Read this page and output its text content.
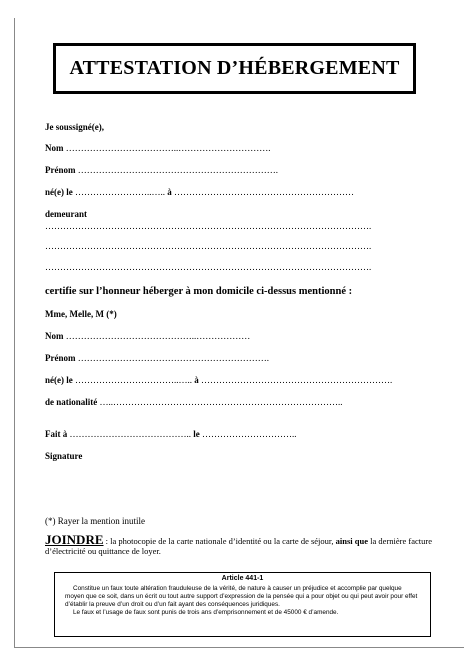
ATTESTATION D’HÉBERGEMENT
Je soussigné(e),
Nom ………………………………..………………………….
Prénom ………………………………………………………….
né(e) le ……………………..….. à ……………………………………………………
demeurant
……………………………………………………………………………………………….
……………………………………………………………………………………………….
……………………………………………………………………………………………….
certifie sur l’honneur héberger à mon domicile ci-dessus mentionné :
Mme, Melle, M (*)
Nom ……………………………………..………………
Prénom ……………………………………………………….
né(e) le ……………………………..….. à ……………………………………………………….
de nationalité …..…………………………………………………………………..
Fait à ………………………………….. le …………………………..
Signature
(*) Rayer la mention inutile
JOINDRE : la photocopie de la carte nationale d’identité ou la carte de séjour, ainsi que la dernière facture d’électricité ou quittance de loyer.
Article 441-1
Constitue un faux toute altération frauduleuse de la vérité, de nature à causer un préjudice et accomplie par quelque moyen que ce soit, dans un écrit ou tout autre support d’expression de la pensée qui a pour objet ou qui peut avoir pour effet d’établir la preuve d’un droit ou d’un fait ayant des conséquences juridiques.
Le faux et l’usage de faux sont punis de trois ans d’emprisonnement et de 45000 € d’amende.
